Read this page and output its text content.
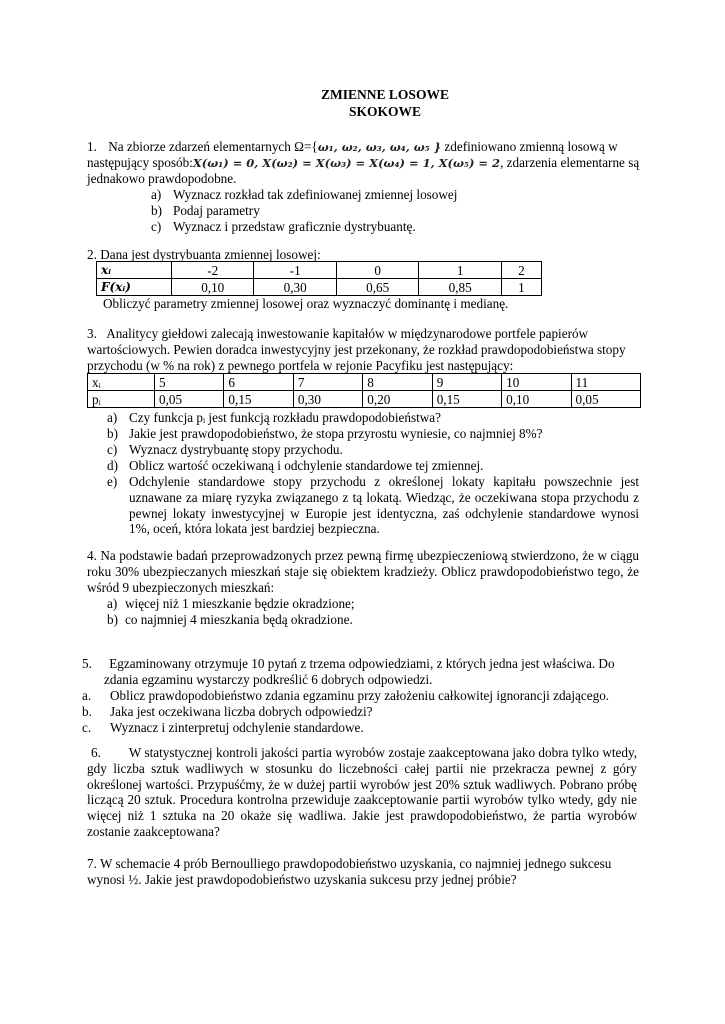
ZMIENNE LOSOWE
SKOKOWE
1. Na zbiorze zdarzeń elementarnych Ω={ω₁, ω₂, ω₃, ω₄, ω₅ } zdefiniowano zmienną losową w
następujący sposób:X(ω₁) = 0, X(ω₂) = X(ω₃) = X(ω₄) = 1, X(ω₅) = 2, zdarzenia elementarne są
jednakowo prawdopodobne.
a) Wyznacz rozkład tak zdefiniowanej zmiennej losowej
b) Podaj parametry
c) Wyznacz i przedstaw graficznie dystrybuantę.
2. Dana jest dystrybuanta zmiennej losowej:
xᵢ	-2	-1	0	1	2
F(xᵢ)	0,10	0,30	0,65	0,85	1
Obliczyć parametry zmiennej losowej oraz wyznaczyć dominantę i medianę.
3. Analitycy giełdowi zalecają inwestowanie kapitałów w międzynarodowe portfele papierów
wartościowych. Pewien doradca inwestycyjny jest przekonany, że rozkład prawdopodobieństwa stopy
przychodu (w % na rok) z pewnego portfela w rejonie Pacyfiku jest następujący:
xᵢ	5	6	7	8	9	10	11
pᵢ	0,05	0,15	0,30	0,20	0,15	0,10	0,05
a) Czy funkcja pᵢ jest funkcją rozkładu prawdopodobieństwa?
b) Jakie jest prawdopodobieństwo, że stopa przyrostu wyniesie, co najmniej 8%?
c) Wyznacz dystrybuantę stopy przychodu.
d) Oblicz wartość oczekiwaną i odchylenie standardowe tej zmiennej.
e) Odchylenie standardowe stopy przychodu z określonej lokaty kapitału powszechnie jest uznawane za miarę ryzyka związanego z tą lokatą. Wiedząc, że oczekiwana stopa przychodu z pewnej lokaty inwestycyjnej w Europie jest identyczna, zaś odchylenie standardowe wynosi 1%, oceń, która lokata jest bardziej bezpieczna.
4. Na podstawie badań przeprowadzonych przez pewną firmę ubezpieczeniową stwierdzono, że w ciągu roku 30% ubezpieczanych mieszkań staje się obiektem kradzieży. Oblicz prawdopodobieństwo tego, że wśród 9 ubezpieczonych mieszkań:
a) więcej niż 1 mieszkanie będzie okradzione;
b) co najmniej 4 mieszkania będą okradzione.
5. Egzaminowany otrzymuje 10 pytań z trzema odpowiedziami, z których jedna jest właściwa. Do
zdania egzaminu wystarczy podkreślić 6 dobrych odpowiedzi.
a. Oblicz prawdopodobieństwo zdania egzaminu przy założeniu całkowitej ignorancji zdającego.
b. Jaka jest oczekiwana liczba dobrych odpowiedzi?
c. Wyznacz i zinterpretuj odchylenie standardowe.
6. W statystycznej kontroli jakości partia wyrobów zostaje zaakceptowana jako dobra tylko wtedy, gdy liczba sztuk wadliwych w stosunku do liczebności całej partii nie przekracza pewnej z góry określonej wartości. Przypuśćmy, że w dużej partii wyrobów jest 20% sztuk wadliwych. Pobrano próbę liczącą 20 sztuk. Procedura kontrolna przewiduje zaakceptowanie partii wyrobów tylko wtedy, gdy nie więcej niż 1 sztuka na 20 okaże się wadliwa. Jakie jest prawdopodobieństwo, że partia wyrobów zostanie zaakceptowana?
7. W schemacie 4 prób Bernoulliego prawdopodobieństwo uzyskania, co najmniej jednego sukcesu
wynosi ½. Jakie jest prawdopodobieństwo uzyskania sukcesu przy jednej próbie?
